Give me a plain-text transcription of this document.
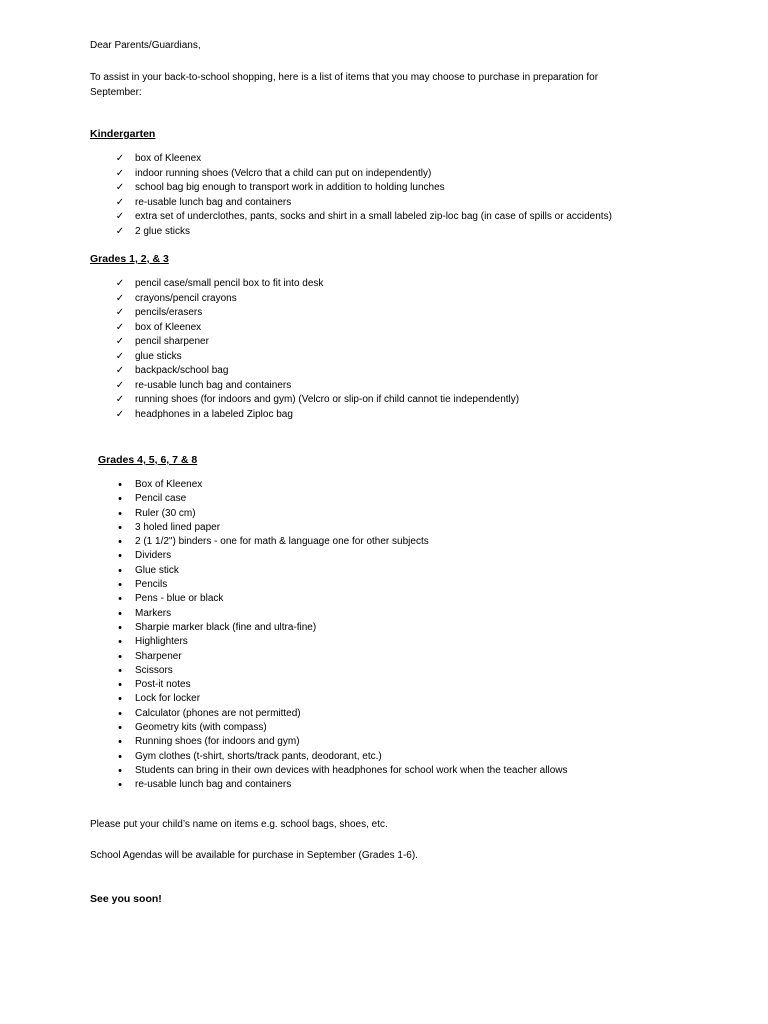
Dear Parents/Guardians,

To assist in your back-to-school shopping, here is a list of items that you may choose to purchase in preparation for September:

Kindergarten
✓ box of Kleenex
✓ indoor running shoes (Velcro that a child can put on independently)
✓ school bag big enough to transport work in addition to holding lunches
✓ re-usable lunch bag and containers
✓ extra set of underclothes, pants, socks and shirt in a small labeled zip-loc bag (in case of spills or accidents)
✓ 2 glue sticks
Grades 1, 2, & 3
✓ pencil case/small pencil box to fit into desk
✓ crayons/pencil crayons
✓ pencils/erasers
✓ box of Kleenex
✓ pencil sharpener
✓ glue sticks
✓ backpack/school bag
✓ re-usable lunch bag and containers
✓ running shoes (for indoors and gym) (Velcro or slip-on if child cannot tie independently)
✓ headphones in a labeled Ziploc bag
Grades 4, 5, 6, 7 & 8
•	Box of Kleenex
•	Pencil case
•	Ruler (30 cm)
•	3 holed lined paper
•	2 (1 1/2") binders - one for math & language one for other subjects
•	Dividers
•	Glue stick
•	Pencils
•	Pens - blue or black
•	Markers
•	Sharpie marker black (fine and ultra-fine)
•	Highlighters
•	Sharpener
•	Scissors
•	Post-it notes
•	Lock for locker
•	Calculator (phones are not permitted)
•	Geometry kits (with compass)
•	Running shoes (for indoors and gym)
•	Gym clothes (t-shirt, shorts/track pants, deodorant, etc.)
•	Students can bring in their own devices with headphones for school work when the teacher allows
•	re-usable lunch bag and containers

Please put your child’s name on items e.g. school bags, shoes, etc.

School Agendas will be available for purchase in September (Grades 1-6).

See you soon!
